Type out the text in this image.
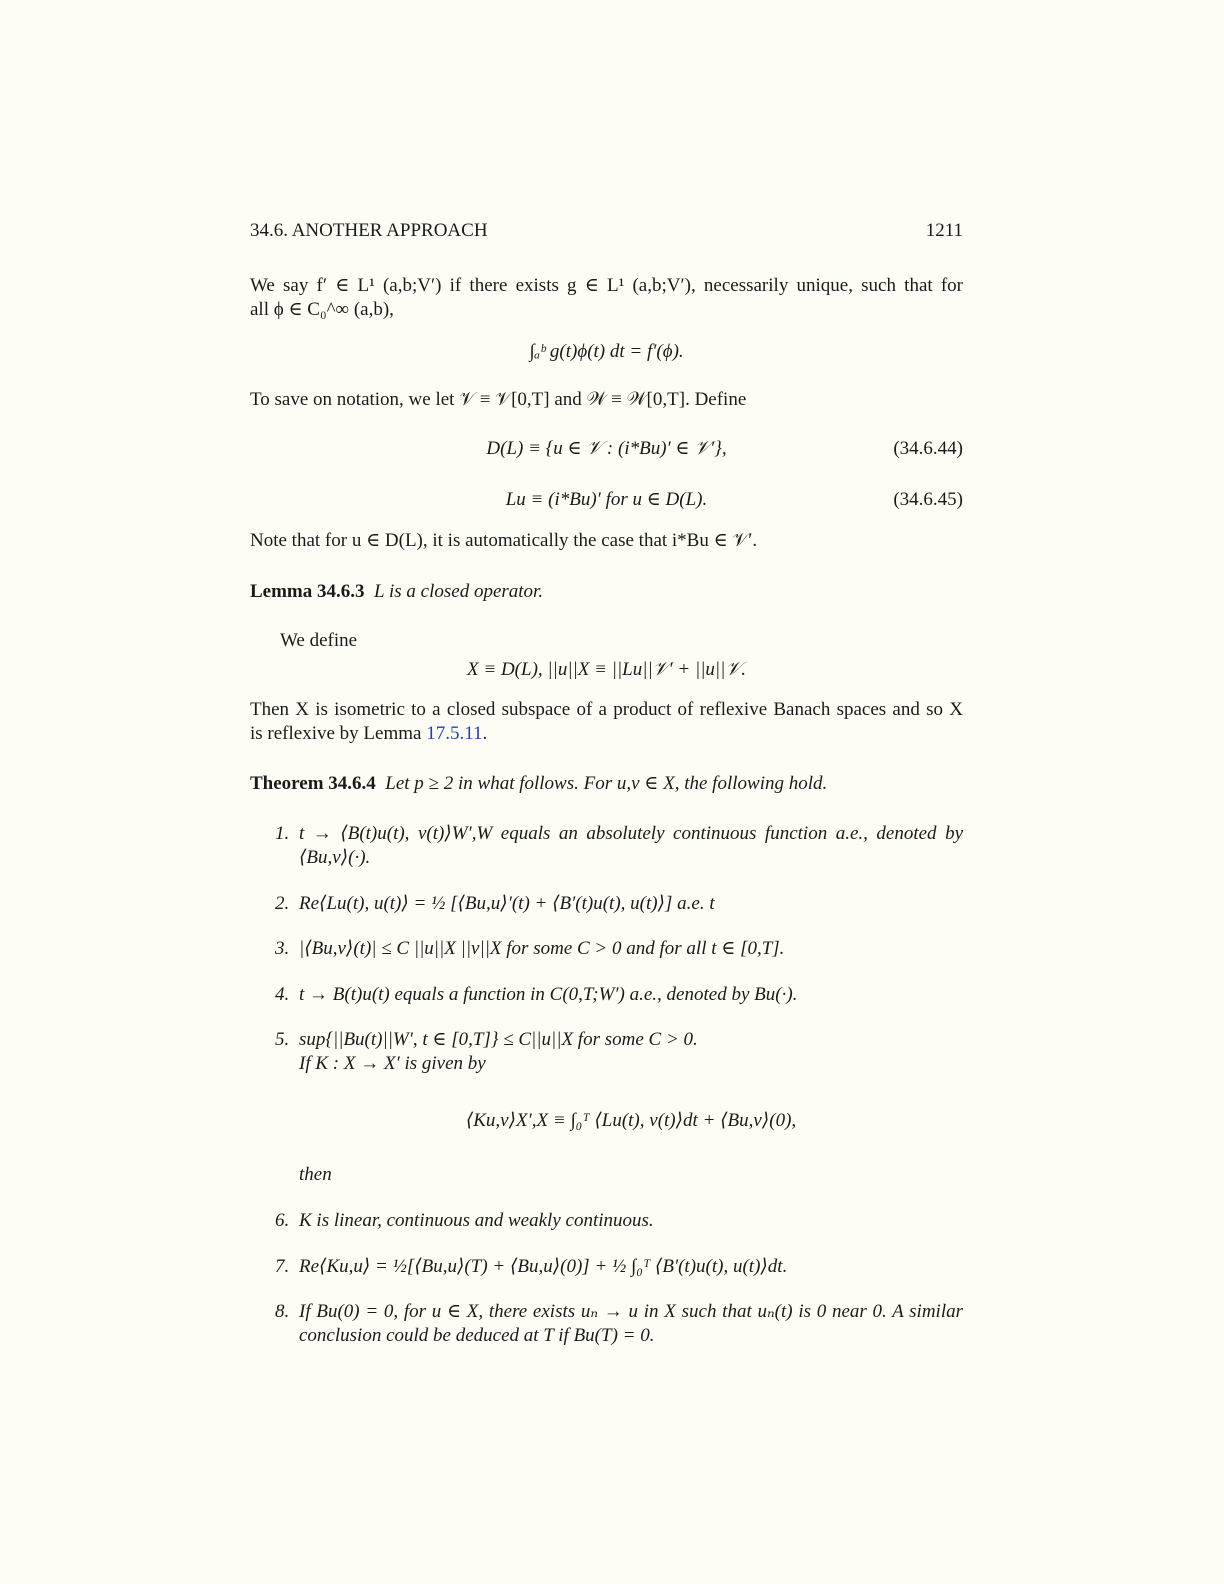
34.6. ANOTHER APPROACH	1211
We say f′ ∈ L¹ (a,b;V′) if there exists g ∈ L¹ (a,b;V′), necessarily unique, such that for
all ϕ ∈ C₀^∞ (a,b),
∫ₐᵇ g(t)ϕ(t) dt = f′(ϕ).
To save on notation, we let 𝒱 ≡ 𝒱[0,T] and 𝒲 ≡ 𝒲[0,T]. Define
D(L) ≡ {u ∈ 𝒱 : (i*Bu)′ ∈ 𝒱′},	(34.6.44)
Lu ≡ (i*Bu)′ for u ∈ D(L).	(34.6.45)
Note that for u ∈ D(L), it is automatically the case that i*Bu ∈ 𝒱′.
Lemma 34.6.3 L is a closed operator.
We define
X ≡ D(L), ||u||X ≡ ||Lu||𝒱′ + ||u||𝒱.
Then X is isometric to a closed subspace of a product of reflexive Banach spaces and so X
is reflexive by Lemma 17.5.11.
Theorem 34.6.4 Let p ≥ 2 in what follows. For u,v ∈ X, the following hold.
1. t → ⟨B(t)u(t), v(t)⟩W′,W equals an absolutely continuous function a.e., denoted by
⟨Bu,v⟩(·).
2. Re⟨Lu(t), u(t)⟩ = ½ [⟨Bu,u⟩′(t) + ⟨B′(t)u(t), u(t)⟩] a.e. t
3. |⟨Bu,v⟩(t)| ≤ C ||u||X ||v||X for some C > 0 and for all t ∈ [0,T].
4. t → B(t)u(t) equals a function in C(0,T;W′) a.e., denoted by Bu(·).
5. sup{||Bu(t)||W′, t ∈ [0,T]} ≤ C||u||X for some C > 0.
If K : X → X′ is given by
⟨Ku,v⟩X′,X ≡ ∫₀ᵀ ⟨Lu(t), v(t)⟩dt + ⟨Bu,v⟩(0),
then
6. K is linear, continuous and weakly continuous.
7. Re⟨Ku,u⟩ = ½[⟨Bu,u⟩(T) + ⟨Bu,u⟩(0)] + ½ ∫₀ᵀ ⟨B′(t)u(t), u(t)⟩dt.
8. If Bu(0) = 0, for u ∈ X, there exists uₙ → u in X such that uₙ(t) is 0 near 0. A similar
conclusion could be deduced at T if Bu(T) = 0.
